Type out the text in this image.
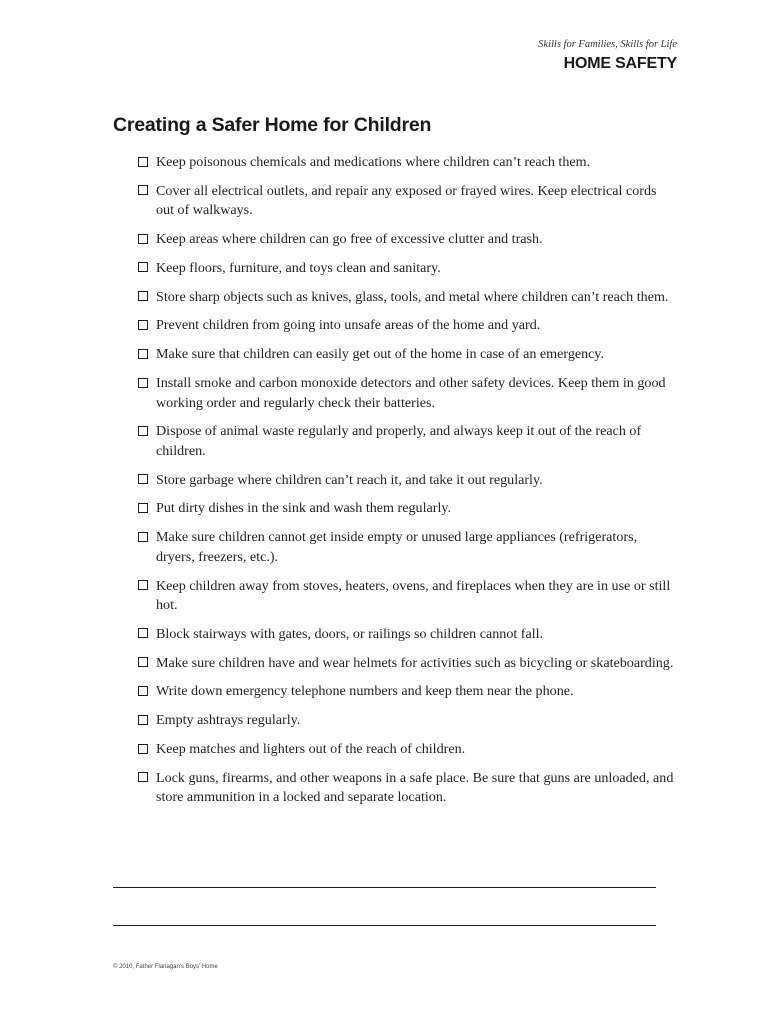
Skills for Families, Skills for Life
HOME SAFETY
Creating a Safer Home for Children
Keep poisonous chemicals and medications where children can’t reach them.
Cover all electrical outlets, and repair any exposed or frayed wires. Keep electrical cords out of walkways.
Keep areas where children can go free of excessive clutter and trash.
Keep floors, furniture, and toys clean and sanitary.
Store sharp objects such as knives, glass, tools, and metal where children can’t reach them.
Prevent children from going into unsafe areas of the home and yard.
Make sure that children can easily get out of the home in case of an emergency.
Install smoke and carbon monoxide detectors and other safety devices. Keep them in good working order and regularly check their batteries.
Dispose of animal waste regularly and properly, and always keep it out of the reach of children.
Store garbage where children can’t reach it, and take it out regularly.
Put dirty dishes in the sink and wash them regularly.
Make sure children cannot get inside empty or unused large appliances (refrigerators, dryers, freezers, etc.).
Keep children away from stoves, heaters, ovens, and fireplaces when they are in use or still hot.
Block stairways with gates, doors, or railings so children cannot fall.
Make sure children have and wear helmets for activities such as bicycling or skateboarding.
Write down emergency telephone numbers and keep them near the phone.
Empty ashtrays regularly.
Keep matches and lighters out of the reach of children.
Lock guns, firearms, and other weapons in a safe place. Be sure that guns are unloaded, and store ammunition in a locked and separate location.
© 2010, Father Flanagan’s Boys’ Home
